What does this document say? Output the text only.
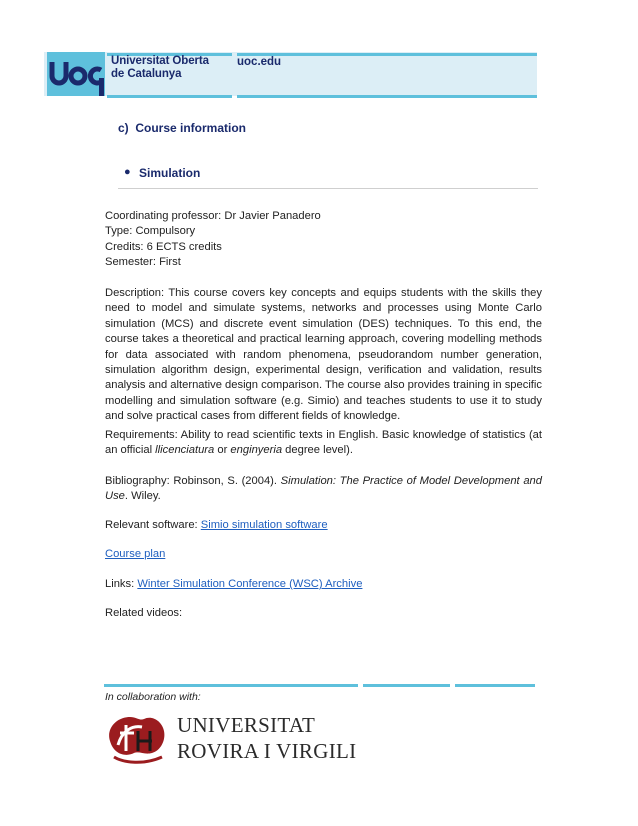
Universitat Oberta
de Catalunya
uoc.edu
c) Course information
● Simulation

Coordinating professor: Dr Javier Panadero

Type: Compulsory

Credits: 6 ECTS credits

Semester: First

Description: This course covers key concepts and equips students with the skills they need to model and simulate systems, networks and processes using Monte Carlo simulation (MCS) and discrete event simulation (DES) techniques. To this end, the course takes a theoretical and practical learning approach, covering modelling methods for data associated with random phenomena, pseudorandom number generation, simulation algorithm design, experimental design, verification and validation, results analysis and alternative design comparison. The course also provides training in specific modelling and simulation software (e.g. Simio) and teaches students to use it to study and solve practical cases from different fields of knowledge.

Requirements: Ability to read scientific texts in English. Basic knowledge of statistics (at an official llicenciatura or enginyeria degree level).

Bibliography: Robinson, S. (2004). Simulation: The Practice of Model Development and Use. Wiley.

Relevant software: Simio simulation software

Course plan

Links: Winter Simulation Conference (WSC) Archive

Related videos:

In collaboration with:
UNIVERSITAT
ROVIRA I VIRGILI
